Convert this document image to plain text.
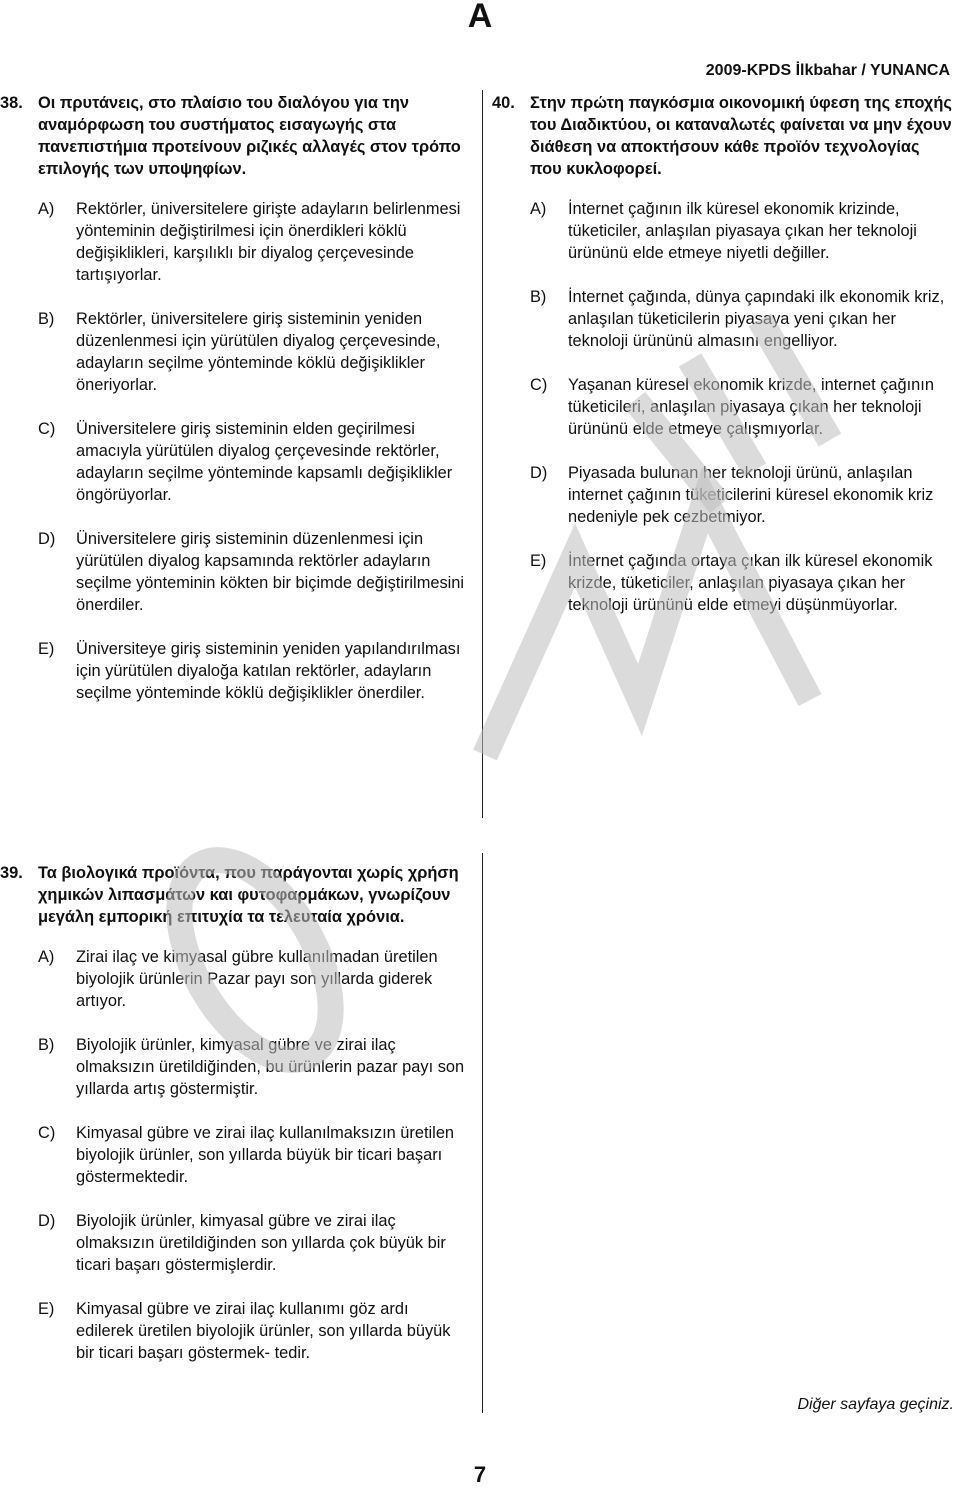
A
2009-KPDS İlkbahar / YUNANCA
38. Οι πρυτάνεις, στο πλαίσιο του διαλόγου για την αναμόρφωση του συστήματος εισαγωγής στα πανεπιστήμια προτείνουν ριζικές αλλαγές στον τρόπο επιλογής των υποψηφίων.
A)	Rektörler, üniversitelere girişte adayların belirlenmesi yönteminin değiştirilmesi için önerdikleri köklü değişiklikleri, karşılıklı bir diyalog çerçevesinde tartışıyorlar.
B)	Rektörler, üniversitelere giriş sisteminin yeniden düzenlenmesi için yürütülen diyalog çerçevesinde, adayların seçilme yönteminde köklü değişiklikler öneriyorlar.
C)	Üniversitelere giriş sisteminin elden geçirilmesi amacıyla yürütülen diyalog çerçevesinde rektörler, adayların seçilme yönteminde kapsamlı değişiklikler öngörüyorlar.
D)	Üniversitelere giriş sisteminin düzenlenmesi için yürütülen diyalog kapsamında rektörler adayların seçilme yönteminin kökten bir biçimde değiştirilmesini önerdiler.
E)	Üniversiteye giriş sisteminin yeniden yapılandırılması için yürütülen diyaloğa katılan rektörler, adayların seçilme yönteminde köklü değişiklikler önerdiler.
40. Στην πρώτη παγκόσμια οικονομική ύφεση της εποχής του Διαδικτύου, οι καταναλωτές φαίνεται να μην έχουν διάθεση να αποκτήσουν κάθε προϊόν τεχνολογίας που κυκλοφορεί.
A)	İnternet çağının ilk küresel ekonomik krizinde, tüketiciler, anlaşılan piyasaya çıkan her teknoloji ürününü elde etmeye niyetli değiller.
B)	İnternet çağında, dünya çapındaki ilk ekonomik kriz, anlaşılan tüketicilerin piyasaya yeni çıkan her teknoloji ürününü almasını engelliyor.
C)	Yaşanan küresel ekonomik krizde, internet çağının tüketicileri, anlaşılan piyasaya çıkan her teknoloji ürününü elde etmeye çalışmıyorlar.
D)	Piyasada bulunan her teknoloji ürünü, anlaşılan internet çağının tüketicilerini küresel ekonomik kriz nedeniyle pek cezbetmiyor.
E)	İnternet çağında ortaya çıkan ilk küresel ekonomik krizde, tüketiciler, anlaşılan piyasaya çıkan her teknoloji ürününü elde etmeyi düşünmüyorlar.
39. Τα βιολογικά προϊόντα, που παράγονται χωρίς χρήση χημικών λιπασμάτων και φυτοφαρμάκων, γνωρίζουν μεγάλη εμπορική επιτυχία τα τελευταία χρόνια.
A)	Zirai ilaç ve kimyasal gübre kullanılmadan üretilen biyolojik ürünlerin Pazar payı son yıllarda giderek artıyor.
B)	Biyolojik ürünler, kimyasal gübre ve zirai ilaç olmaksızın üretildiğinden, bu ürünlerin pazar payı son yıllarda artış göstermiştir.
C)	Kimyasal gübre ve zirai ilaç kullanılmaksızın üretilen biyolojik ürünler, son yıllarda büyük bir ticari başarı göstermektedir.
D)	Biyolojik ürünler, kimyasal gübre ve zirai ilaç olmaksızın üretildiğinden son yıllarda çok büyük bir ticari başarı göstermişlerdir.
E)	Kimyasal gübre ve zirai ilaç kullanımı göz ardı edilerek üretilen biyolojik ürünler, son yıllarda büyük bir ticari başarı göstermek- tedir.
Diğer sayfaya geçiniz.
7
